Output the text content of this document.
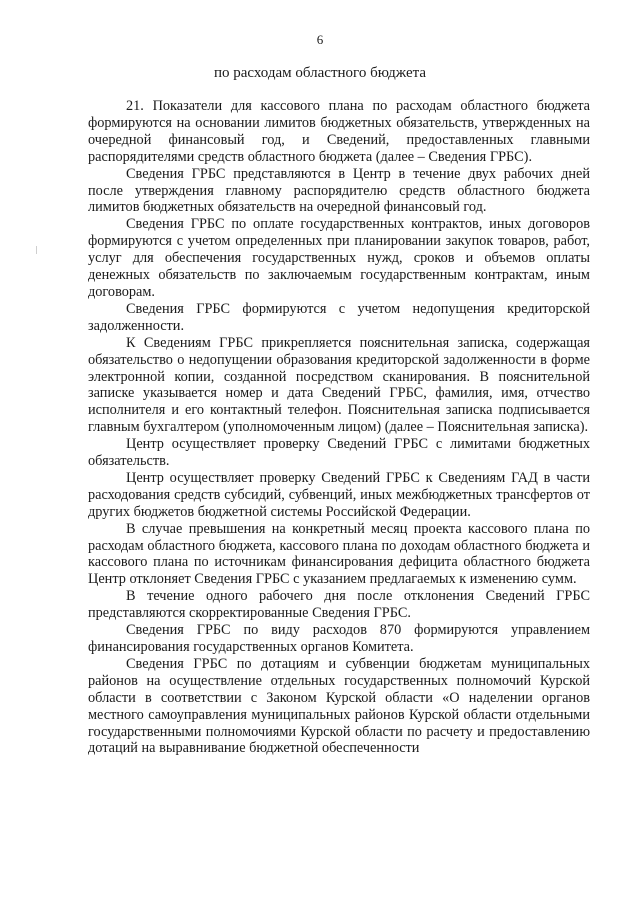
6
по расходам областного бюджета

21. Показатели для кассового плана по расходам областного бюджета формируются на основании лимитов бюджетных обязательств, утвержденных на очередной финансовый год, и Сведений, предоставленных главными распорядителями средств областного бюджета (далее – Сведения ГРБС).

Сведения ГРБС представляются в Центр в течение двух рабочих дней после утверждения главному распорядителю средств областного бюджета лимитов бюджетных обязательств на очередной финансовый год.

Сведения ГРБС по оплате государственных контрактов, иных договоров формируются с учетом определенных при планировании закупок товаров, работ, услуг для обеспечения государственных нужд, сроков и объемов оплаты денежных обязательств по заключаемым государственным контрактам, иным договорам.

Сведения ГРБС формируются с учетом недопущения кредиторской задолженности.

К Сведениям ГРБС прикрепляется пояснительная записка, содержащая обязательство о недопущении образования кредиторской задолженности в форме электронной копии, созданной посредством сканирования. В пояснительной записке указывается номер и дата Сведений ГРБС, фамилия, имя, отчество исполнителя и его контактный телефон. Пояснительная записка подписывается главным бухгалтером (уполномоченным лицом) (далее – Пояснительная записка).

Центр осуществляет проверку Сведений ГРБС с лимитами бюджетных обязательств.

Центр осуществляет проверку Сведений ГРБС к Сведениям ГАД в части расходования средств субсидий, субвенций, иных межбюджетных трансфертов от других бюджетов бюджетной системы Российской Федерации.

В случае превышения на конкретный месяц проекта кассового плана по расходам областного бюджета, кассового плана по доходам областного бюджета и кассового плана по источникам финансирования дефицита областного бюджета Центр отклоняет Сведения ГРБС с указанием предлагаемых к изменению сумм.

В течение одного рабочего дня после отклонения Сведений ГРБС представляются скорректированные Сведения ГРБС.

Сведения ГРБС по виду расходов 870 формируются управлением финансирования государственных органов Комитета.

Сведения ГРБС по дотациям и субвенции бюджетам муниципальных районов на осуществление отдельных государственных полномочий Курской области в соответствии с Законом Курской области «О наделении органов местного самоуправления муниципальных районов Курской области отдельными государственными полномочиями Курской области по расчету и предоставлению дотаций на выравнивание бюджетной обеспеченности
